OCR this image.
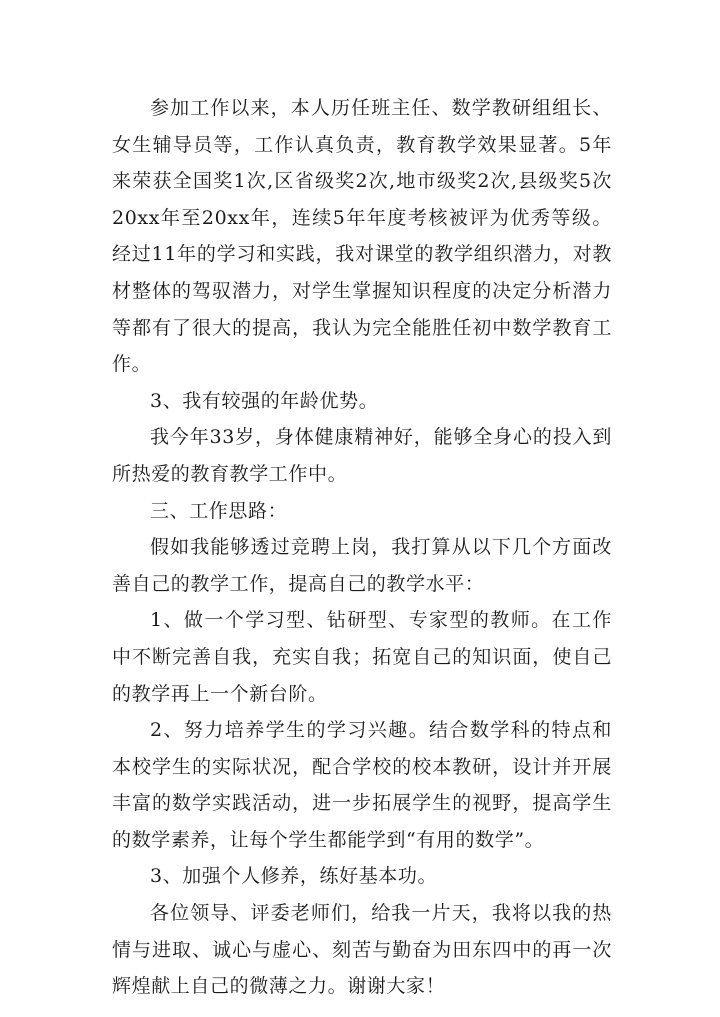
参加工作以来，本人历任班主任、数学教研组组长、女生辅导员等，工作认真负责，教育教学效果显著。5年来荣获全国奖1次,区省级奖2次,地市级奖2次,县级奖5次20xx年至20xx年，连续5年年度考核被评为优秀等级。经过11年的学习和实践，我对课堂的教学组织潜力，对教材整体的驾驭潜力，对学生掌握知识程度的决定分析潜力等都有了很大的提高，我认为完全能胜任初中数学教育工作。

3、我有较强的年龄优势。

我今年33岁，身体健康精神好，能够全身心的投入到所热爱的教育教学工作中。

三、工作思路：

假如我能够透过竞聘上岗，我打算从以下几个方面改善自己的教学工作，提高自己的教学水平：

1、做一个学习型、钻研型、专家型的教师。在工作中不断完善自我，充实自我；拓宽自己的知识面，使自己的教学再上一个新台阶。

2、努力培养学生的学习兴趣。结合数学科的特点和本校学生的实际状况，配合学校的校本教研，设计并开展丰富的数学实践活动，进一步拓展学生的视野，提高学生的数学素养，让每个学生都能学到“有用的数学”。

3、加强个人修养，练好基本功。

各位领导、评委老师们，给我一片天，我将以我的热情与进取、诚心与虚心、刻苦与勤奋为田东四中的再一次辉煌献上自己的微薄之力。谢谢大家！
